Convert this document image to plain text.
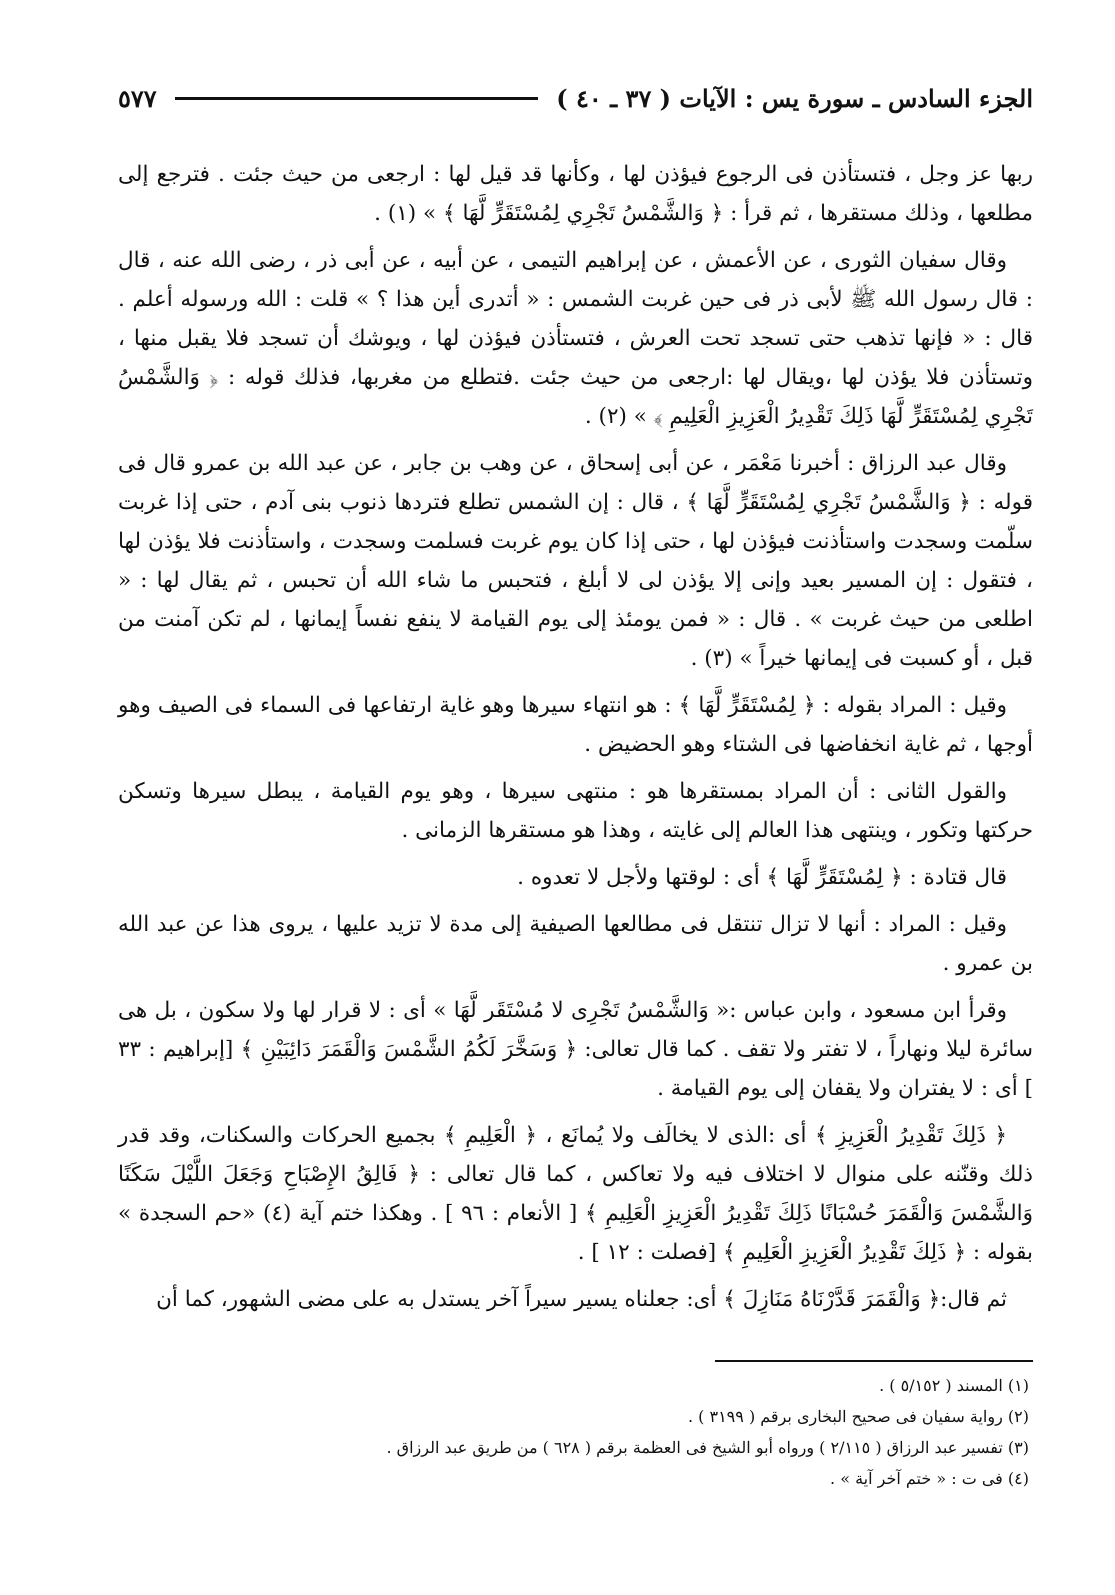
الجزء السادس ـ سورة يس : الآيات ( ٣٧ ـ ٤٠ )
٥٧٧

ربها عز وجل ، فتستأذن فى الرجوع فيؤذن لها ، وكأنها قد قيل لها : ارجعى من حيث جئت . فترجع إلى مطلعها ، وذلك مستقرها ، ثم قرأ : ﴿ وَالشَّمْسُ تَجْرِي لِمُسْتَقَرٍّ لَّهَا ﴾ » (١) .

وقال سفيان الثورى ، عن الأعمش ، عن إبراهيم التيمى ، عن أبيه ، عن أبى ذر ، رضى الله عنه ، قال : قال رسول الله ﷺ لأبى ذر فى حين غربت الشمس : « أتدرى أين هذا ؟ » قلت : الله ورسوله أعلم . قال : « فإنها تذهب حتى تسجد تحت العرش ، فتستأذن فيؤذن لها ، ويوشك أن تسجد فلا يقبل منها ، وتستأذن فلا يؤذن لها ،ويقال لها :ارجعى من حيث جئت .فتطلع من مغربها، فذلك قوله : ﴿ وَالشَّمْسُ تَجْرِي لِمُسْتَقَرٍّ لَّهَا ذَلِكَ تَقْدِيرُ الْعَزِيزِ الْعَلِيمِ ﴾ » (٢) .

وقال عبد الرزاق : أخبرنا مَعْمَر ، عن أبى إسحاق ، عن وهب بن جابر ، عن عبد الله بن عمرو قال فى قوله : ﴿ وَالشَّمْسُ تَجْرِي لِمُسْتَقَرٍّ لَّهَا ﴾ ، قال : إن الشمس تطلع فتردها ذنوب بنى آدم ، حتى إذا غربت سلّمت وسجدت واستأذنت فيؤذن لها ، حتى إذا كان يوم غربت فسلمت وسجدت ، واستأذنت فلا يؤذن لها ، فتقول : إن المسير بعيد وإنى إلا يؤذن لى لا أبلغ ، فتحبس ما شاء الله أن تحبس ، ثم يقال لها : « اطلعى من حيث غربت » . قال : « فمن يومئذ إلى يوم القيامة لا ينفع نفساً إيمانها ، لم تكن آمنت من قبل ، أو كسبت فى إيمانها خيراً » (٣) .

وقيل : المراد بقوله : ﴿ لِمُسْتَقَرٍّ لَّهَا ﴾ : هو انتهاء سيرها وهو غاية ارتفاعها فى السماء فى الصيف وهو أوجها ، ثم غاية انخفاضها فى الشتاء وهو الحضيض .

والقول الثانى : أن المراد بمستقرها هو : منتهى سيرها ، وهو يوم القيامة ، يبطل سيرها وتسكن حركتها وتكور ، وينتهى هذا العالم إلى غايته ، وهذا هو مستقرها الزمانى .

قال قتادة : ﴿ لِمُسْتَقَرٍّ لَّهَا ﴾ أى : لوقتها ولأجل لا تعدوه .

وقيل : المراد : أنها لا تزال تنتقل فى مطالعها الصيفية إلى مدة لا تزيد عليها ، يروى هذا عن عبد الله بن عمرو .

وقرأ ابن مسعود ، وابن عباس :« وَالشَّمْسُ تَجْرِى لا مُسْتَقَر لَّهَا » أى : لا قرار لها ولا سكون ، بل هى سائرة ليلا ونهاراً ، لا تفتر ولا تقف . كما قال تعالى: ﴿ وَسَخَّرَ لَكُمُ الشَّمْسَ وَالْقَمَرَ دَائِبَيْنِ ﴾ [إبراهيم : ٣٣ ] أى : لا يفتران ولا يقفان إلى يوم القيامة .

﴿ ذَلِكَ تَقْدِيرُ الْعَزِيزِ ﴾ أى :الذى لا يخالَف ولا يُمانَع ، ﴿ الْعَلِيمِ ﴾ بجميع الحركات والسكنات، وقد قدر ذلك وقنّنه على منوال لا اختلاف فيه ولا تعاكس ، كما قال تعالى : ﴿ فَالِقُ الإِصْبَاحِ وَجَعَلَ اللَّيْلَ سَكَنًا وَالشَّمْسَ وَالْقَمَرَ حُسْبَانًا ذَلِكَ تَقْدِيرُ الْعَزِيزِ الْعَلِيمِ ﴾ [ الأنعام : ٩٦ ] . وهكذا ختم آية (٤) «حم السجدة » بقوله : ﴿ ذَلِكَ تَقْدِيرُ الْعَزِيزِ الْعَلِيمِ ﴾ [فصلت : ١٢ ] .

ثم قال:﴿ وَالْقَمَرَ قَدَّرْنَاهُ مَنَازِلَ ﴾ أى: جعلناه يسير سيراً آخر يستدل به على مضى الشهور، كما أن

(١) المسند ( ٥/١٥٢ ) .

(٢) رواية سفيان فى صحيح البخارى برقم ( ٣١٩٩ ) .

(٣) تفسير عبد الرزاق ( ٢/١١٥ ) ورواه أبو الشيخ فى العظمة برقم ( ٦٢٨ ) من طريق عبد الرزاق .

(٤) فى ت : « ختم آخر آية » .
